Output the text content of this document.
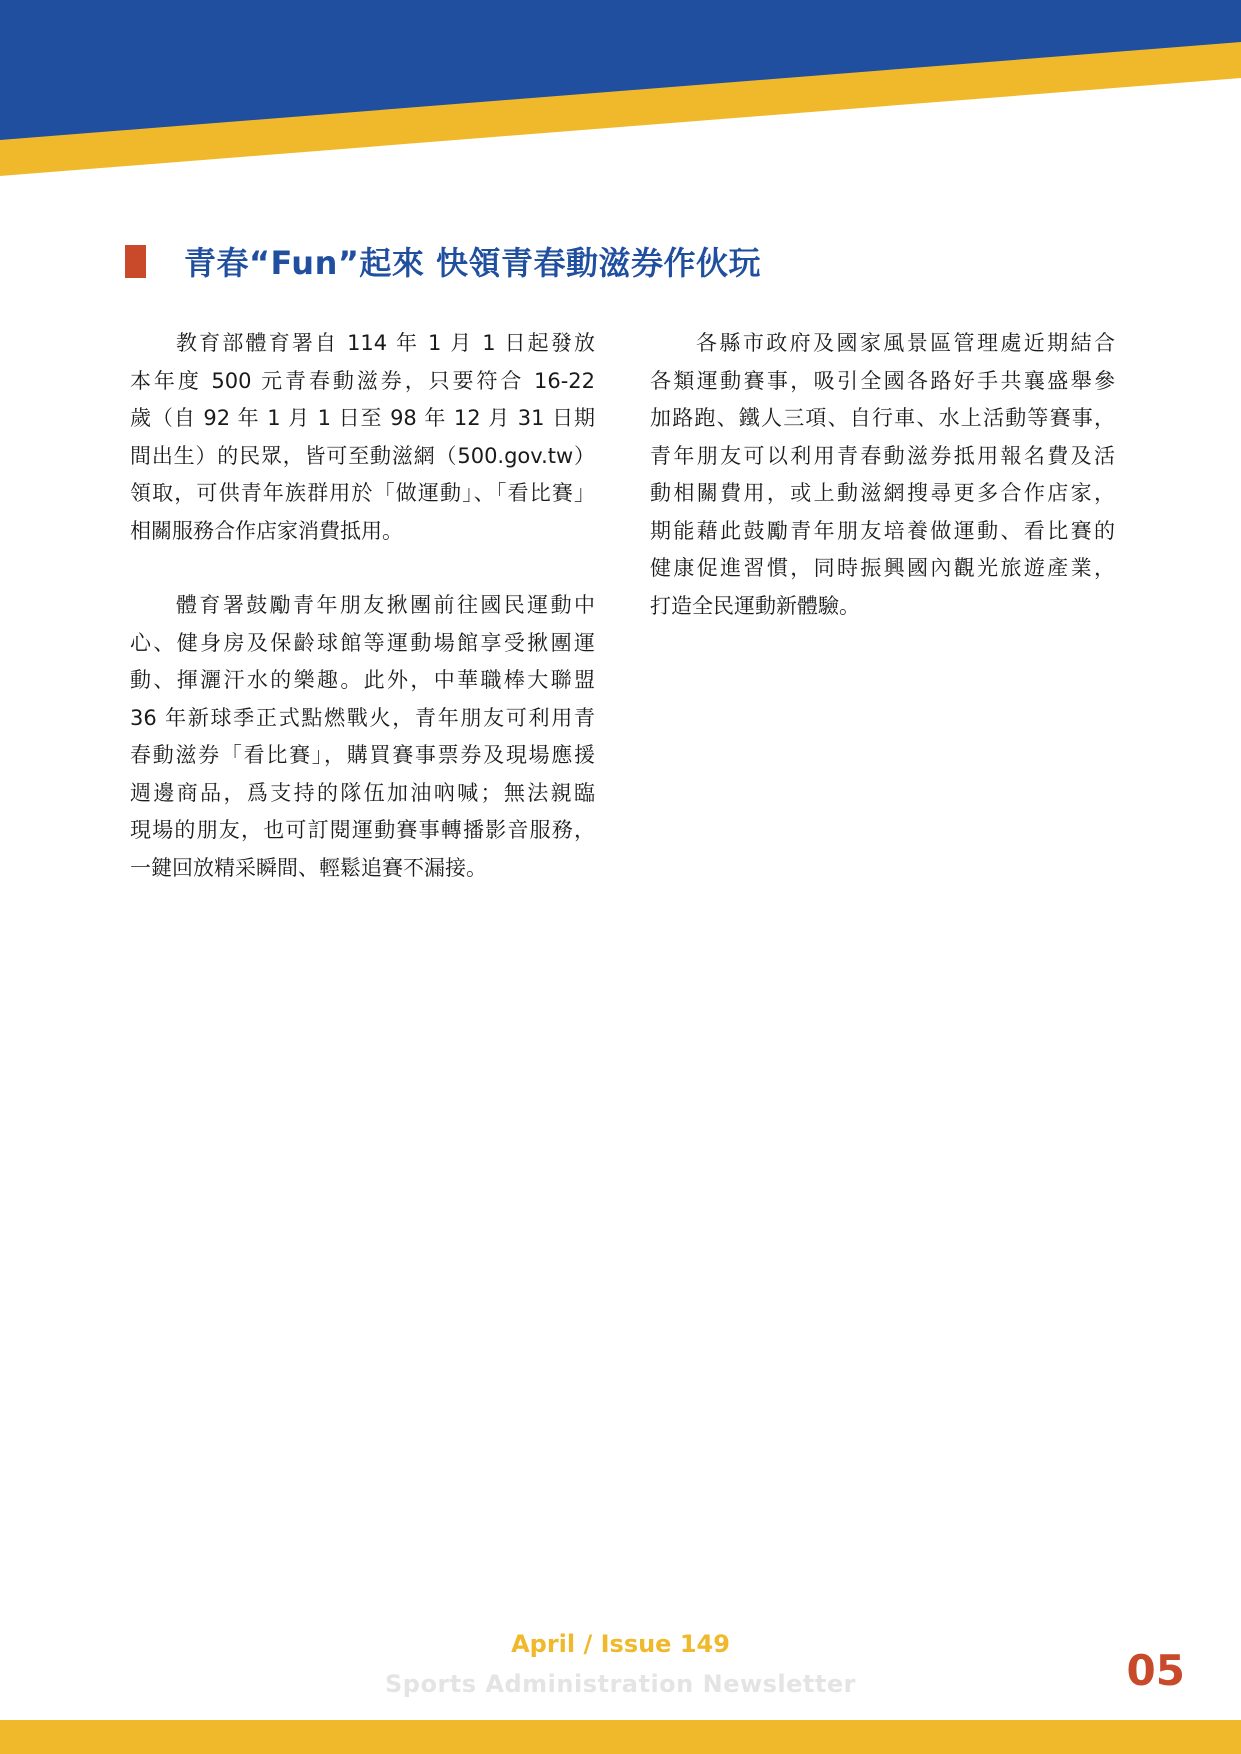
青春“Fun”起來 快領青春動滋券作伙玩

教育部體育署自 114 年 1 月 1 日起發放
本年度 500 元青春動滋券，只要符合 16-22
歲（自 92 年 1 月 1 日至 98 年 12 月 31 日期
間出生）的民眾，皆可至動滋網（500.gov.tw）
領取，可供青年族群用於「做運動」、「看比賽」
相關服務合作店家消費抵用。

體育署鼓勵青年朋友揪團前往國民運動中
心、健身房及保齡球館等運動場館享受揪團運
動、揮灑汗水的樂趣。此外，中華職棒大聯盟
36 年新球季正式點燃戰火，青年朋友可利用青
春動滋券「看比賽」，購買賽事票券及現場應援
週邊商品，爲支持的隊伍加油吶喊；無法親臨
現場的朋友，也可訂閱運動賽事轉播影音服務，
一鍵回放精采瞬間、輕鬆追賽不漏接。

各縣市政府及國家風景區管理處近期結合
各類運動賽事，吸引全國各路好手共襄盛舉參
加路跑、鐵人三項、自行車、水上活動等賽事，
青年朋友可以利用青春動滋券抵用報名費及活
動相關費用，或上動滋網搜尋更多合作店家，
期能藉此鼓勵青年朋友培養做運動、看比賽的
健康促進習慣，同時振興國內觀光旅遊產業，
打造全民運動新體驗。

April / Issue 149
Sports Administration Newsletter	05
